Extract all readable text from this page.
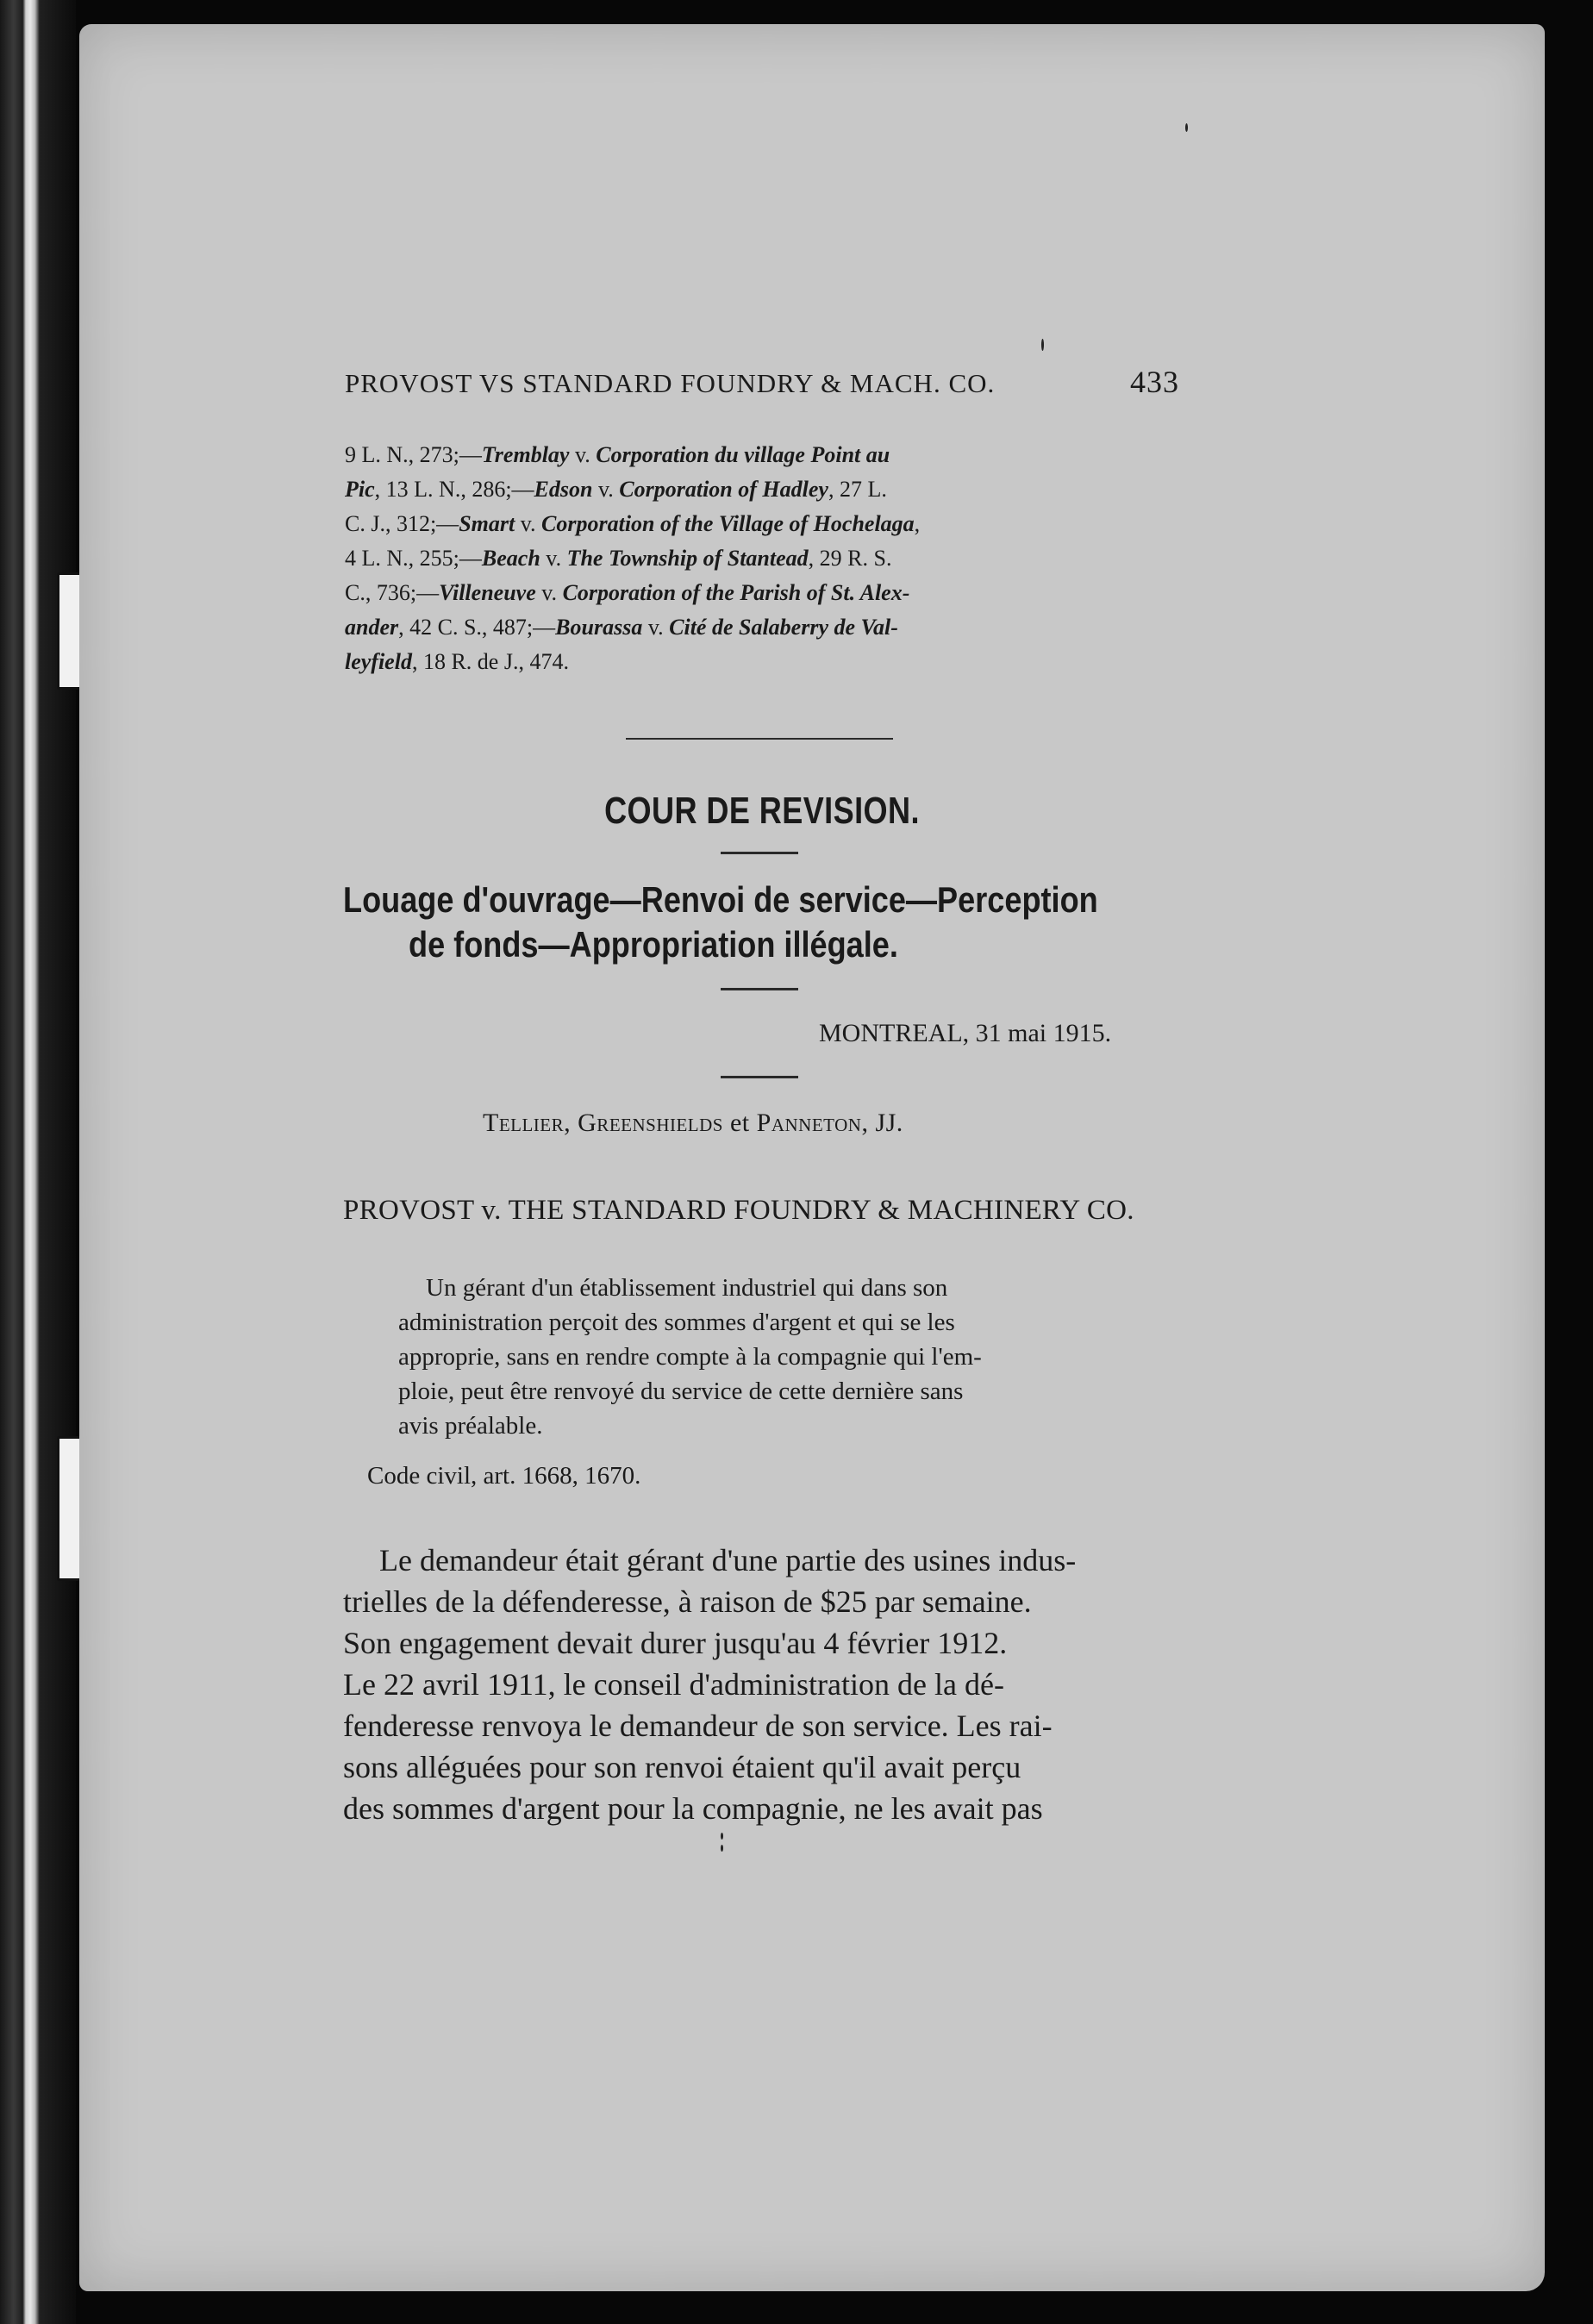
PROVOST VS STANDARD FOUNDRY & MACH. CO.	433
9 L. N., 273;—Tremblay v. Corporation du village Point au
Pic, 13 L. N., 286;—Edson v. Corporation of Hadley, 27 L.
C. J., 312;—Smart v. Corporation of the Village of Hochelaga,
4 L. N., 255;—Beach v. The Township of Stantead, 29 R. S.
C., 736;—Villeneuve v. Corporation of the Parish of St. Alex-
ander, 42 C. S., 487;—Bourassa v. Cité de Salaberry de Val-
leyfield, 18 R. de J., 474.
COUR DE REVISION.
Louage d'ouvrage—Renvoi de service—Perception
de fonds—Appropriation illégale.
MONTREAL, 31 mai 1915.
Tellier, Greenshields et Panneton, JJ.
PROVOST v. THE STANDARD FOUNDRY & MACHINERY CO.
Un gérant d'un établissement industriel qui dans son
administration perçoit des sommes d'argent et qui se les
approprie, sans en rendre compte à la compagnie qui l'em-
ploie, peut être renvoyé du service de cette dernière sans
avis préalable.
Code civil, art. 1668, 1670.
Le demandeur était gérant d'une partie des usines indus-
trielles de la défenderesse, à raison de $25 par semaine.
Son engagement devait durer jusqu'au 4 février 1912.
Le 22 avril 1911, le conseil d'administration de la dé-
fenderesse renvoya le demandeur de son service. Les rai-
sons alléguées pour son renvoi étaient qu'il avait perçu
des sommes d'argent pour la compagnie, ne les avait pas
